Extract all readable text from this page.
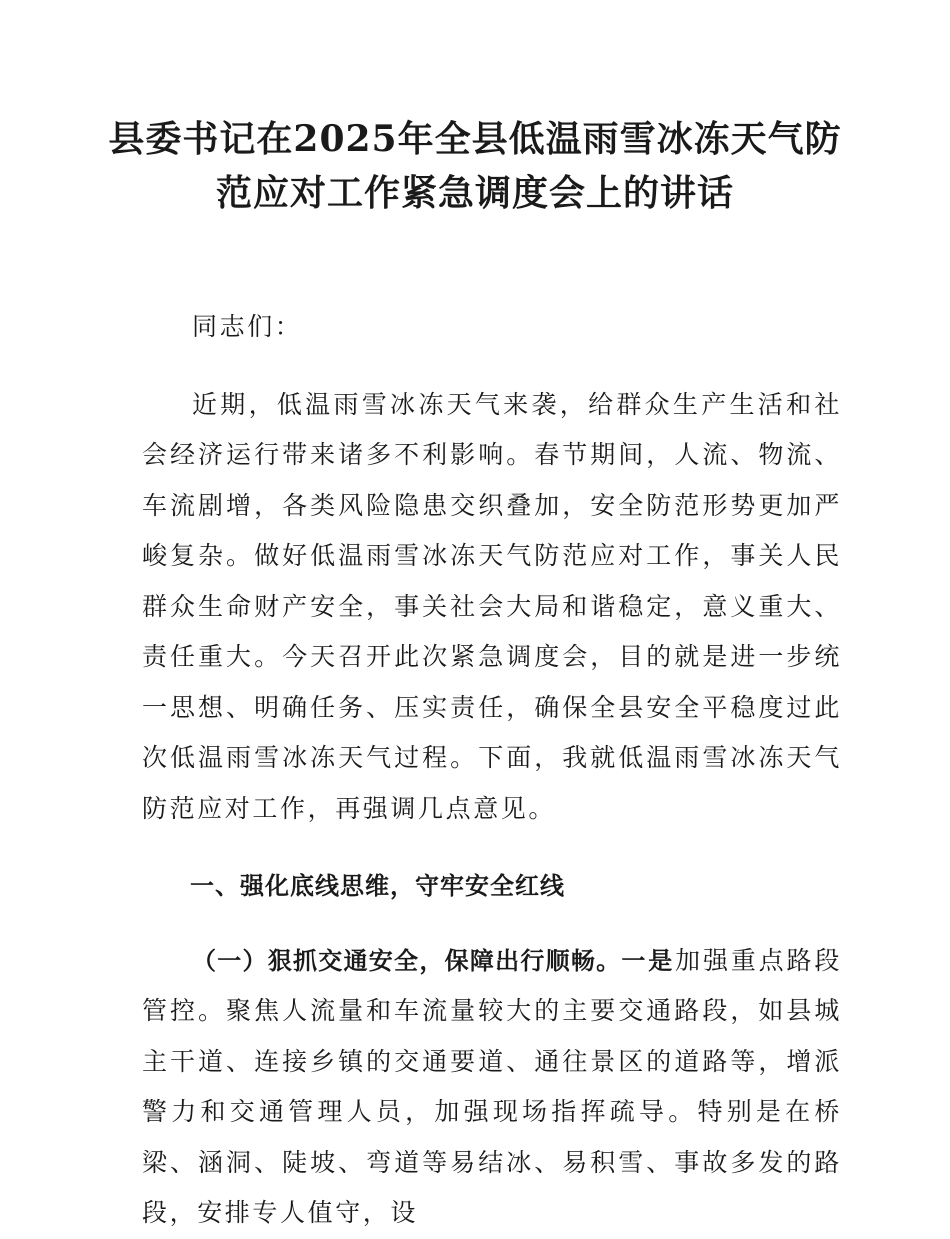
县委书记在2025年全县低温雨雪冰冻天气防
范应对工作紧急调度会上的讲话

同志们：

近期，低温雨雪冰冻天气来袭，给群众生产生活和社会经济运行带来诸多不利影响。春节期间，人流、物流、车流剧增，各类风险隐患交织叠加，安全防范形势更加严峻复杂。做好低温雨雪冰冻天气防范应对工作，事关人民群众生命财产安全，事关社会大局和谐稳定，意义重大、责任重大。今天召开此次紧急调度会，目的就是进一步统一思想、明确任务、压实责任，确保全县安全平稳度过此次低温雨雪冰冻天气过程。下面，我就低温雨雪冰冻天气防范应对工作，再强调几点意见。

一、强化底线思维，守牢安全红线

（一）狠抓交通安全，保障出行顺畅。一是加强重点路段管控。聚焦人流量和车流量较大的主要交通路段，如县城主干道、连接乡镇的交通要道、通往景区的道路等，增派警力和交通管理人员，加强现场指挥疏导。特别是在桥梁、涵洞、陡坡、弯道等易结冰、易积雪、事故多发的路段，安排专人值守，设
